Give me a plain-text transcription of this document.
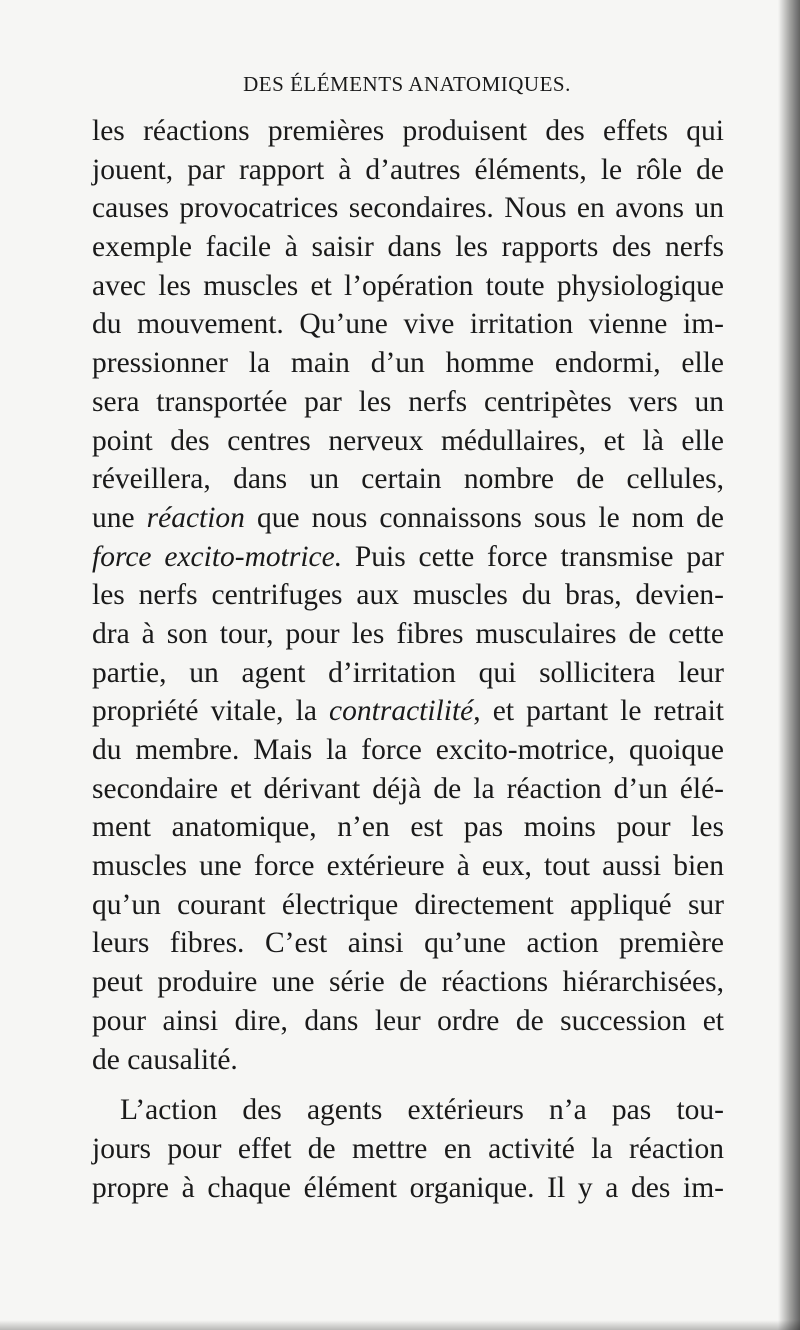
DES ÉLÉMENTS ANATOMIQUES.
les réactions premières produisent des effets qui
jouent, par rapport à d’autres éléments, le rôle de
causes provocatrices secondaires. Nous en avons un
exemple facile à saisir dans les rapports des nerfs
avec les muscles et l’opération toute physiologique
du mouvement. Qu’une vive irritation vienne im-
pressionner la main d’un homme endormi, elle
sera transportée par les nerfs centripètes vers un
point des centres nerveux médullaires, et là elle
réveillera, dans un certain nombre de cellules,
une réaction que nous connaissons sous le nom de
force excito-motrice. Puis cette force transmise par
les nerfs centrifuges aux muscles du bras, devien-
dra à son tour, pour les fibres musculaires de cette
partie, un agent d’irritation qui sollicitera leur
propriété vitale, la contractilité, et partant le retrait
du membre. Mais la force excito-motrice, quoique
secondaire et dérivant déjà de la réaction d’un élé-
ment anatomique, n’en est pas moins pour les
muscles une force extérieure à eux, tout aussi bien
qu’un courant électrique directement appliqué sur
leurs fibres. C’est ainsi qu’une action première
peut produire une série de réactions hiérarchisées,
pour ainsi dire, dans leur ordre de succession et
de causalité.
L’action des agents extérieurs n’a pas tou-
jours pour effet de mettre en activité la réaction
propre à chaque élément organique. Il y a des im-
